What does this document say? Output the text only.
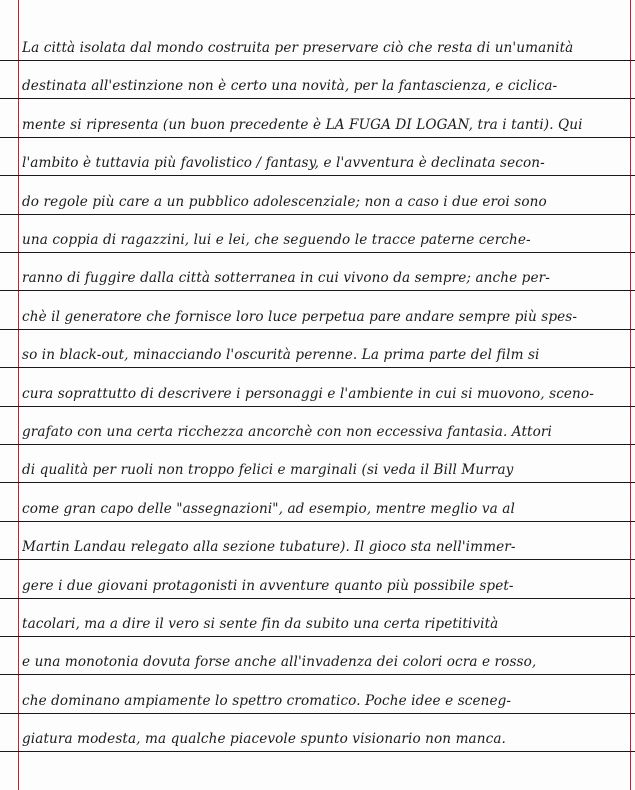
La città isolata dal mondo costruita per preservare ciò che resta di un'umanità
destinata all'estinzione non è certo una novità, per la fantascienza, e ciclica-
mente si ripresenta (un buon precedente è LA FUGA DI LOGAN, tra i tanti). Qui
l'ambito è tuttavia più favolistico / fantasy, e l'avventura è declinata secon-
do regole più care a un pubblico adolescenziale; non a caso i due eroi sono
una coppia di ragazzini, lui e lei, che seguendo le tracce paterne cerche-
ranno di fuggire dalla città sotterranea in cui vivono da sempre; anche per-
chè il generatore che fornisce loro luce perpetua pare andare sempre più spes-
so in black-out, minacciando l'oscurità perenne. La prima parte del film si
cura soprattutto di descrivere i personaggi e l'ambiente in cui si muovono, sceno-
grafato con una certa ricchezza ancorchè con non eccessiva fantasia. Attori
di qualità per ruoli non troppo felici e marginali (si veda il Bill Murray
come gran capo delle "assegnazioni", ad esempio, mentre meglio va al
Martin Landau relegato alla sezione tubature). Il gioco sta nell'immer-
gere i due giovani protagonisti in avventure quanto più possibile spet-
tacolari, ma a dire il vero si sente fin da subito una certa ripetitività
e una monotonia dovuta forse anche all'invadenza dei colori ocra e rosso,
che dominano ampiamente lo spettro cromatico. Poche idee e sceneg-
giatura modesta, ma qualche piacevole spunto visionario non manca.
